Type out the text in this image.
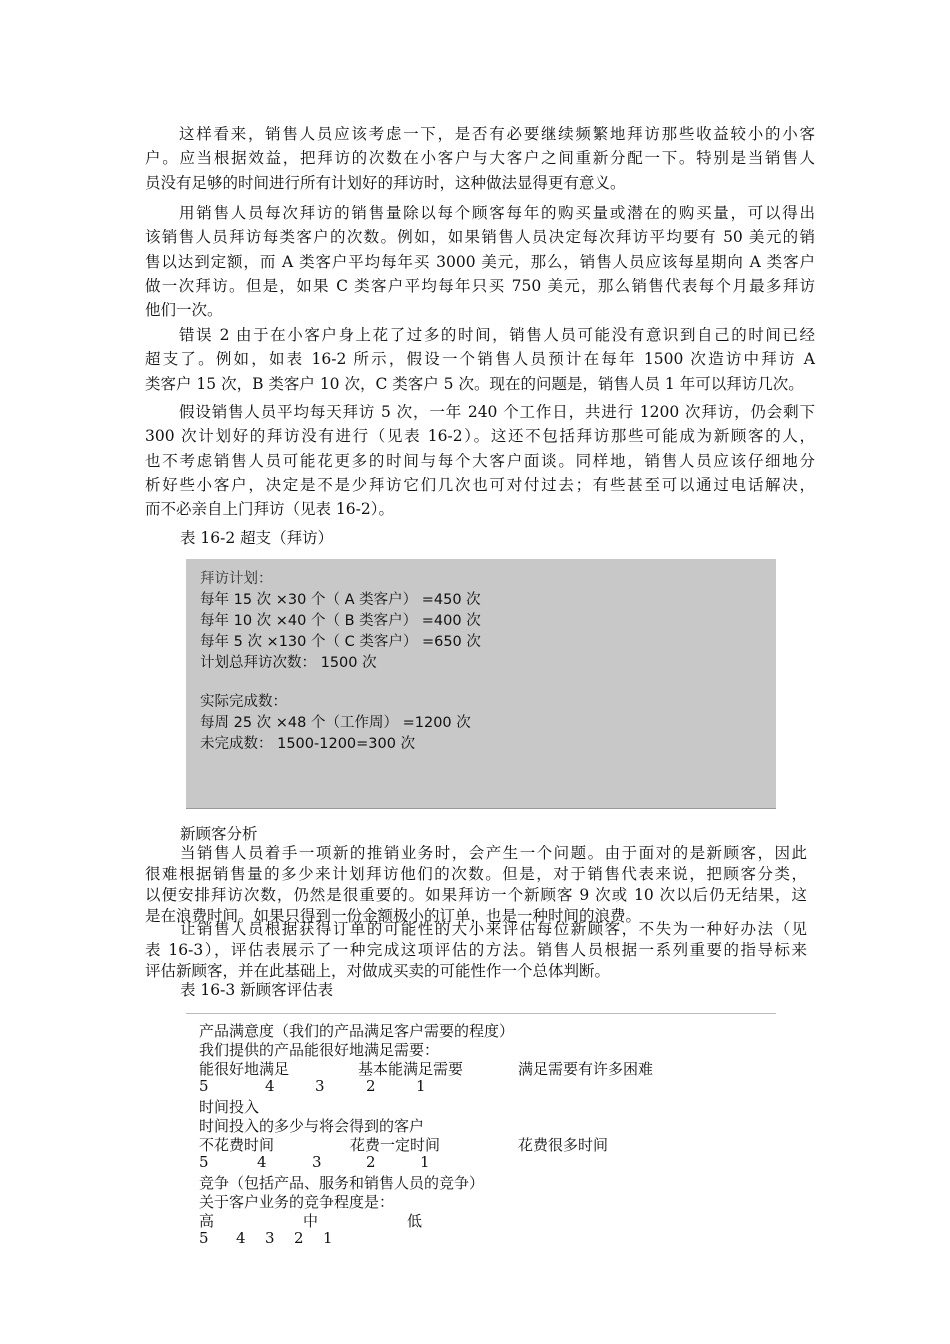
这样看来，销售人员应该考虑一下，是否有必要继续频繁地拜访那些收益较小的小客
户。应当根据效益，把拜访的次数在小客户与大客户之间重新分配一下。特别是当销售人
员没有足够的时间进行所有计划好的拜访时，这种做法显得更有意义。
用销售人员每次拜访的销售量除以每个顾客每年的购买量或潜在的购买量，可以得出
该销售人员拜访每类客户的次数。例如，如果销售人员决定每次拜访平均要有 50 美元的销
售以达到定额，而 A 类客户平均每年买 3000 美元，那么，销售人员应该每星期向 A 类客户
做一次拜访。但是，如果 C 类客户平均每年只买 750 美元，那么销售代表每个月最多拜访
他们一次。
错误 2 由于在小客户身上花了过多的时间，销售人员可能没有意识到自己的时间已经
超支了。例如，如表 16-2 所示，假设一个销售人员预计在每年 1500 次造访中拜访 A
类客户 15 次，B 类客户 10 次，C 类客户 5 次。现在的问题是，销售人员 1 年可以拜访几次。
假设销售人员平均每天拜访 5 次，一年 240 个工作日，共进行 1200 次拜访，仍会剩下
300 次计划好的拜访没有进行（见表 16-2）。这还不包括拜访那些可能成为新顾客的人，
也不考虑销售人员可能花更多的时间与每个大客户面谈。同样地，销售人员应该仔细地分
析好些小客户，决定是不是少拜访它们几次也可对付过去；有些甚至可以通过电话解决，
而不必亲自上门拜访（见表 16-2）。
表 16-2 超支（拜访）
拜访计划：
每年 15 次 ×30 个（ A 类客户） =450 次
每年 10 次 ×40 个（ B 类客户） =400 次
每年 5 次 ×130 个（ C 类客户） =650 次
计划总拜访次数： 1500 次
实际完成数：
每周 25 次 ×48 个（工作周） =1200 次
未完成数： 1500-1200=300 次
新顾客分析
当销售人员着手一项新的推销业务时，会产生一个问题。由于面对的是新顾客，因此
很难根据销售量的多少来计划拜访他们的次数。但是，对于销售代表来说，把顾客分类，
以便安排拜访次数，仍然是很重要的。如果拜访一个新顾客 9 次或 10 次以后仍无结果，这
是在浪费时间。如果只得到一份金额极小的订单，也是一种时间的浪费。
让销售人员根据获得订单的可能性的大小来评估每位新顾客，不失为一种好办法（见
表 16-3），评估表展示了一种完成这项评估的方法。销售人员根据一系列重要的指导标来
评估新顾客，并在此基础上，对做成买卖的可能性作一个总体判断。
表 16-3 新顾客评估表
产品满意度（我们的产品满足客户需要的程度）
我们提供的产品能很好地满足需要：
能很好地满足	基本能满足需要	满足需要有许多困难
5	4	3	2	1
时间投入
时间投入的多少与将会得到的客户
不花费时间	花费一定时间	花费很多时间
5	4	3	2	1
竞争（包括产品、服务和销售人员的竞争）
关于客户业务的竞争程度是：
高	中	低
5 4 3 2 1
